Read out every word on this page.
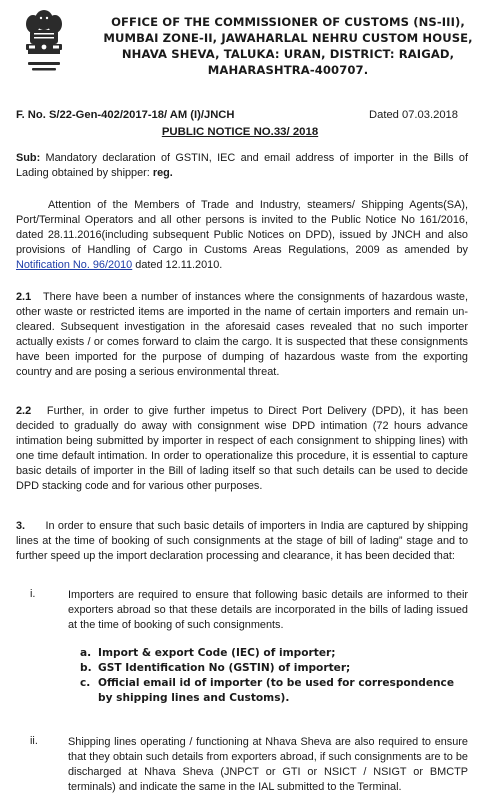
OFFICE OF THE COMMISSIONER OF CUSTOMS (NS-III),
MUMBAI ZONE-II, JAWAHARLAL NEHRU CUSTOM HOUSE,
NHAVA SHEVA, TALUKA: URAN, DISTRICT: RAIGAD,
MAHARASHTRA-400707.
F. No. S/22-Gen-402/2017-18/ AM (I)/JNCH	Dated 07.03.2018
PUBLIC NOTICE NO.33/ 2018

Sub: Mandatory declaration of GSTIN, IEC and email address of importer in the Bills of Lading obtained by shipper: reg.

Attention of the Members of Trade and Industry, steamers/ Shipping Agents(SA), Port/Terminal Operators and all other persons is invited to the Public Notice No 161/2016, dated 28.11.2016(including subsequent Public Notices on DPD), issued by JNCH and also provisions of Handling of Cargo in Customs Areas Regulations, 2009 as amended by Notification No. 96/2010 dated 12.11.2010.

2.1 There have been a number of instances where the consignments of hazardous waste, other waste or restricted items are imported in the name of certain importers and remain un-cleared. Subsequent investigation in the aforesaid cases revealed that no such importer actually exists / or comes forward to claim the cargo. It is suspected that these consignments have been imported for the purpose of dumping of hazardous waste from the exporting country and are posing a serious environmental threat.

2.2 Further, in order to give further impetus to Direct Port Delivery (DPD), it has been decided to gradually do away with consignment wise DPD intimation (72 hours advance intimation being submitted by importer in respect of each consignment to shipping lines) with one time default intimation. In order to operationalize this procedure, it is essential to capture basic details of importer in the Bill of lading itself so that such details can be used to decide DPD stacking code and for various other purposes.

3. In order to ensure that such basic details of importers in India are captured by shipping lines at the time of booking of such consignments at the stage of bill of lading” stage and to further speed up the import declaration processing and clearance, it has been decided that:

i.	Importers are required to ensure that following basic details are informed to their exporters abroad so that these details are incorporated in the bills of lading issued at the time of booking of such consignments.

a. Import & export Code (IEC) of importer;
b. GST Identification No (GSTIN) of importer;
c. Official email id of importer (to be used for correspondence by shipping lines and Customs).
ii.	Shipping lines operating / functioning at Nhava Sheva are also required to ensure that they obtain such details from exporters abroad, if such consignments are to be discharged at Nhava Sheva (JNPCT or GTI or NSICT / NSIGT or BMCTP terminals) and indicate the same in the IAL submitted to the Terminal.
